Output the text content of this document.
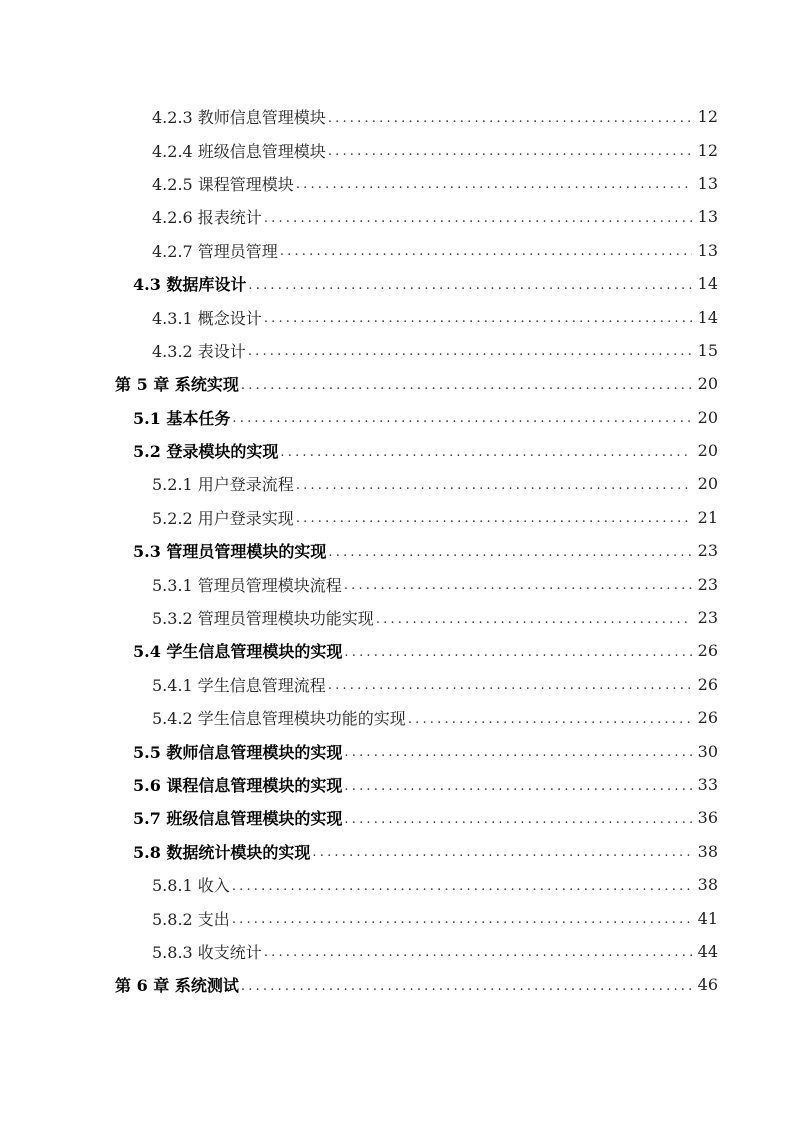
4.2.3 教师信息管理模块 .....	12
4.2.4 班级信息管理模块 .....	12
4.2.5 课程管理模块 .....	13
4.2.6 报表统计 .....	13
4.2.7 管理员管理 .....	13
4.3 数据库设计 .....	14
4.3.1 概念设计 .....	14
4.3.2 表设计 .....	15
第 5 章 系统实现 .....	20
5.1 基本任务 .....	20
5.2 登录模块的实现 .....	20
5.2.1 用户登录流程 .....	20
5.2.2 用户登录实现 .....	21
5.3 管理员管理模块的实现 .....	23
5.3.1 管理员管理模块流程 .....	23
5.3.2 管理员管理模块功能实现 .....	23
5.4 学生信息管理模块的实现 .....	26
5.4.1 学生信息管理流程 .....	26
5.4.2 学生信息管理模块功能的实现 .....	26
5.5 教师信息管理模块的实现 .....	30
5.6 课程信息管理模块的实现 .....	33
5.7 班级信息管理模块的实现 .....	36
5.8 数据统计模块的实现 .....	38
5.8.1 收入 .....	38
5.8.2 支出 .....	41
5.8.3 收支统计 .....	44
第 6 章 系统测试 .....	46
